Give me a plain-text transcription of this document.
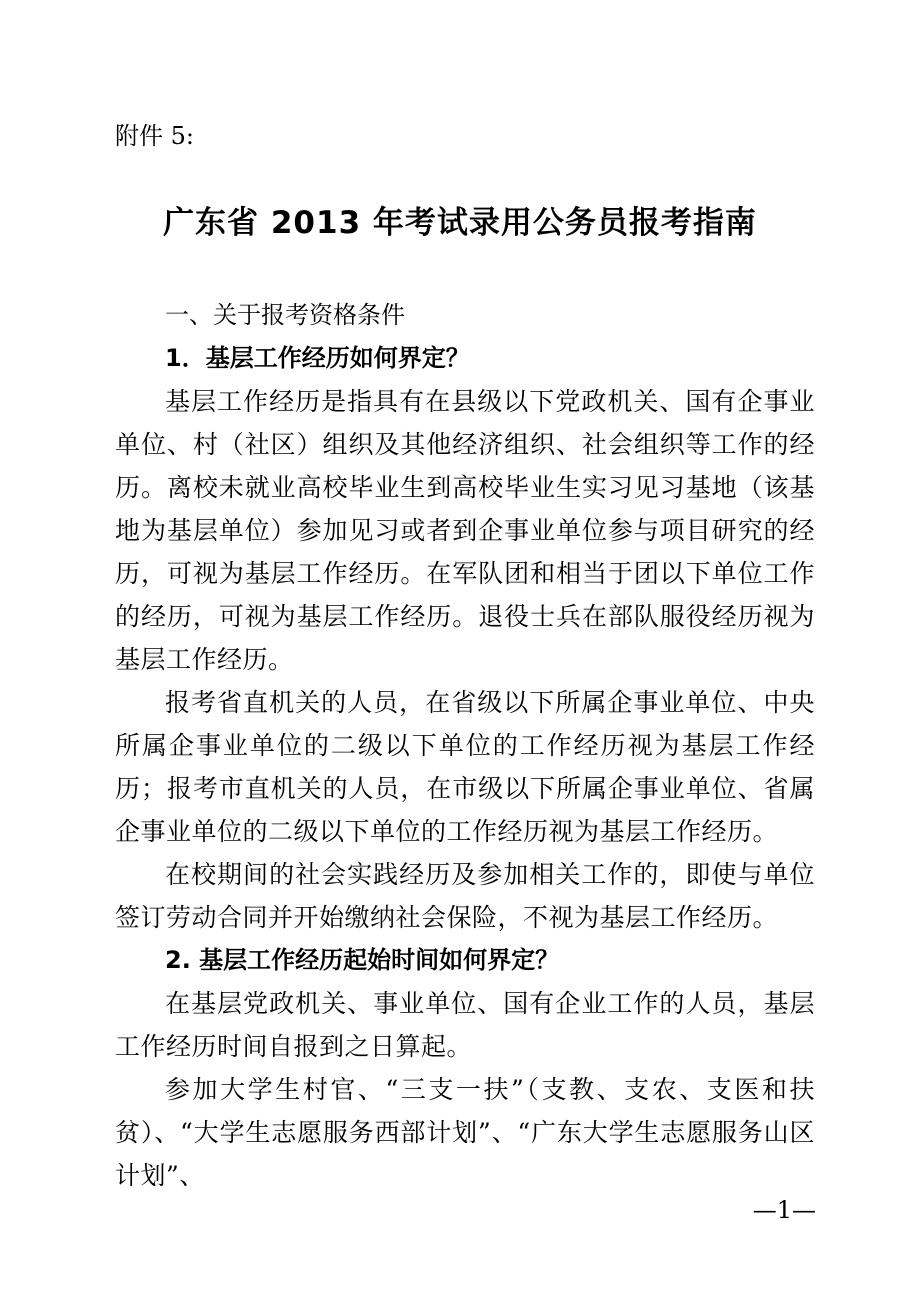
附件 5:

广东省 2013 年考试录用公务员报考指南
一、关于报考资格条件
1．基层工作经历如何界定？

基层工作经历是指具有在县级以下党政机关、国有企事业单位、村（社区）组织及其他经济组织、社会组织等工作的经历。离校未就业高校毕业生到高校毕业生实习见习基地（该基地为基层单位）参加见习或者到企事业单位参与项目研究的经历，可视为基层工作经历。在军队团和相当于团以下单位工作的经历，可视为基层工作经历。退役士兵在部队服役经历视为基层工作经历。

报考省直机关的人员，在省级以下所属企事业单位、中央所属企事业单位的二级以下单位的工作经历视为基层工作经历；报考市直机关的人员，在市级以下所属企事业单位、省属企事业单位的二级以下单位的工作经历视为基层工作经历。

在校期间的社会实践经历及参加相关工作的，即使与单位签订劳动合同并开始缴纳社会保险，不视为基层工作经历。

2. 基层工作经历起始时间如何界定？

在基层党政机关、事业单位、国有企业工作的人员，基层工作经历时间自报到之日算起。

参加大学生村官、“三支一扶”（支教、支农、支医和扶贫）、“大学生志愿服务西部计划”、“广东大学生志愿服务山区计划”、

—1—
